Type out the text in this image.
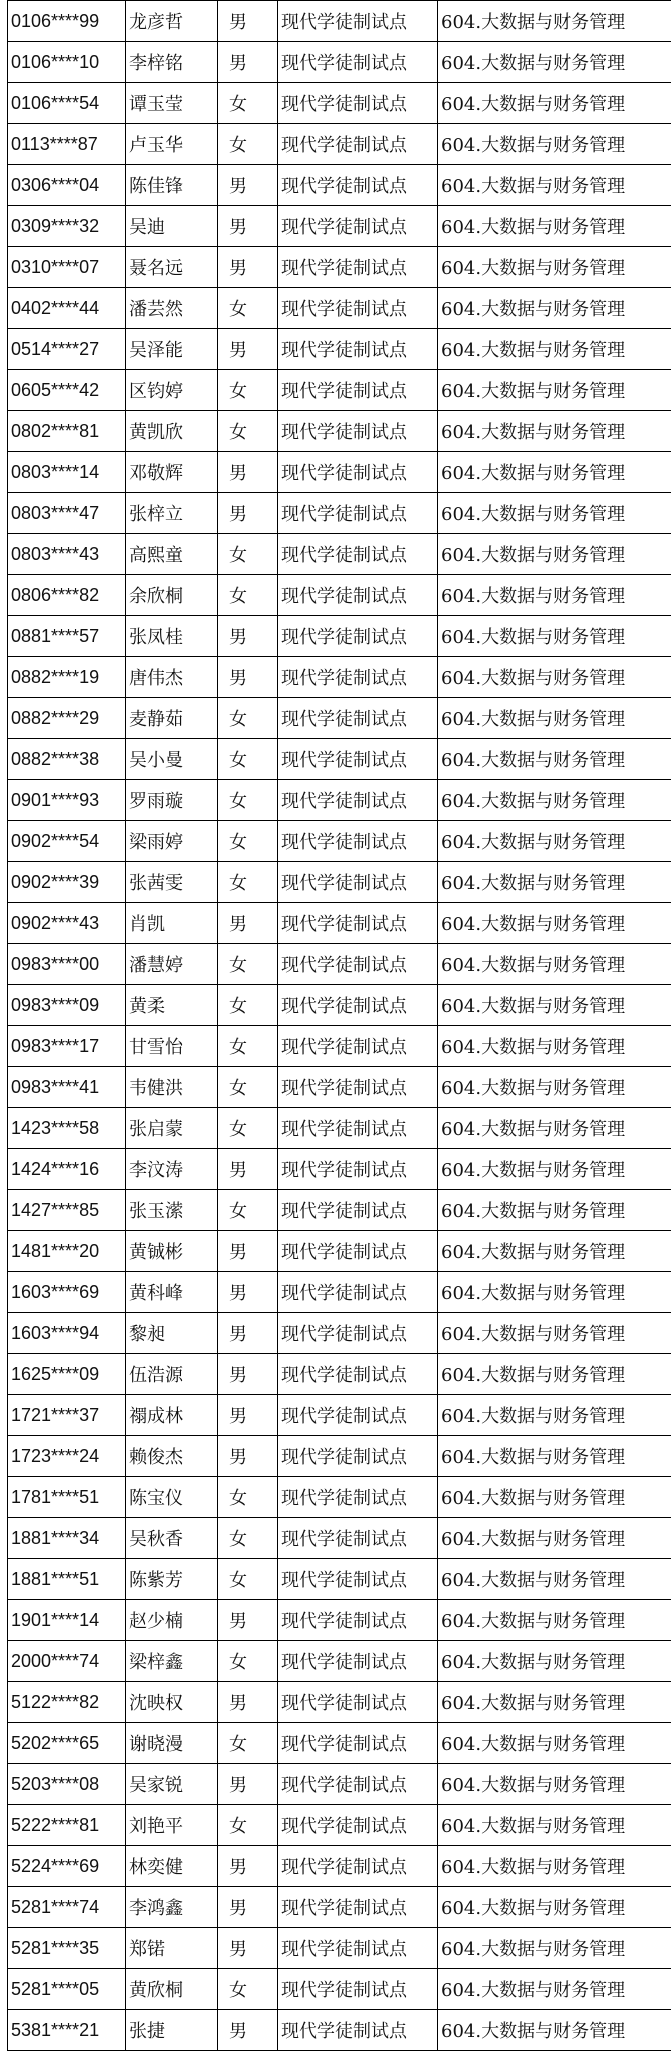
0106****99	龙彦哲	男	现代学徒制试点	604.大数据与财务管理
0106****10	李梓铭	男	现代学徒制试点	604.大数据与财务管理
0106****54	谭玉莹	女	现代学徒制试点	604.大数据与财务管理
0113****87	卢玉华	女	现代学徒制试点	604.大数据与财务管理
0306****04	陈佳锋	男	现代学徒制试点	604.大数据与财务管理
0309****32	吴迪	男	现代学徒制试点	604.大数据与财务管理
0310****07	聂名远	男	现代学徒制试点	604.大数据与财务管理
0402****44	潘芸然	女	现代学徒制试点	604.大数据与财务管理
0514****27	吴泽能	男	现代学徒制试点	604.大数据与财务管理
0605****42	区钧婷	女	现代学徒制试点	604.大数据与财务管理
0802****81	黄凯欣	女	现代学徒制试点	604.大数据与财务管理
0803****14	邓敬辉	男	现代学徒制试点	604.大数据与财务管理
0803****47	张梓立	男	现代学徒制试点	604.大数据与财务管理
0803****43	高熙童	女	现代学徒制试点	604.大数据与财务管理
0806****82	余欣桐	女	现代学徒制试点	604.大数据与财务管理
0881****57	张凤桂	男	现代学徒制试点	604.大数据与财务管理
0882****19	唐伟杰	男	现代学徒制试点	604.大数据与财务管理
0882****29	麦静茹	女	现代学徒制试点	604.大数据与财务管理
0882****38	吴小曼	女	现代学徒制试点	604.大数据与财务管理
0901****93	罗雨璇	女	现代学徒制试点	604.大数据与财务管理
0902****54	梁雨婷	女	现代学徒制试点	604.大数据与财务管理
0902****39	张茜雯	女	现代学徒制试点	604.大数据与财务管理
0902****43	肖凯	男	现代学徒制试点	604.大数据与财务管理
0983****00	潘慧婷	女	现代学徒制试点	604.大数据与财务管理
0983****09	黄柔	女	现代学徒制试点	604.大数据与财务管理
0983****17	甘雪怡	女	现代学徒制试点	604.大数据与财务管理
0983****41	韦健洪	女	现代学徒制试点	604.大数据与财务管理
1423****58	张启蒙	女	现代学徒制试点	604.大数据与财务管理
1424****16	李汶涛	男	现代学徒制试点	604.大数据与财务管理
1427****85	张玉潆	女	现代学徒制试点	604.大数据与财务管理
1481****20	黄铖彬	男	现代学徒制试点	604.大数据与财务管理
1603****69	黄科峰	男	现代学徒制试点	604.大数据与财务管理
1603****94	黎昶	男	现代学徒制试点	604.大数据与财务管理
1625****09	伍浩源	男	现代学徒制试点	604.大数据与财务管理
1721****37	禤成林	男	现代学徒制试点	604.大数据与财务管理
1723****24	赖俊杰	男	现代学徒制试点	604.大数据与财务管理
1781****51	陈宝仪	女	现代学徒制试点	604.大数据与财务管理
1881****34	吴秋香	女	现代学徒制试点	604.大数据与财务管理
1881****51	陈紫芳	女	现代学徒制试点	604.大数据与财务管理
1901****14	赵少楠	男	现代学徒制试点	604.大数据与财务管理
2000****74	梁梓鑫	女	现代学徒制试点	604.大数据与财务管理
5122****82	沈映权	男	现代学徒制试点	604.大数据与财务管理
5202****65	谢晓漫	女	现代学徒制试点	604.大数据与财务管理
5203****08	吴家锐	男	现代学徒制试点	604.大数据与财务管理
5222****81	刘艳平	女	现代学徒制试点	604.大数据与财务管理
5224****69	林奕健	男	现代学徒制试点	604.大数据与财务管理
5281****74	李鸿鑫	男	现代学徒制试点	604.大数据与财务管理
5281****35	郑锘	男	现代学徒制试点	604.大数据与财务管理
5281****05	黄欣桐	女	现代学徒制试点	604.大数据与财务管理
5381****21	张捷	男	现代学徒制试点	604.大数据与财务管理
